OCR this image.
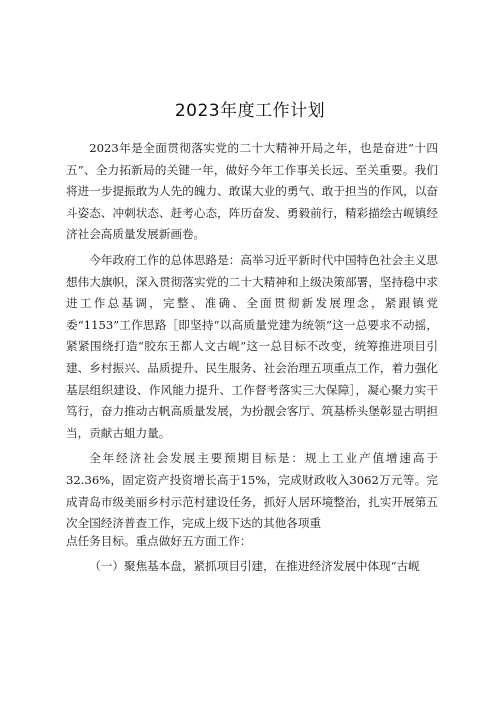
2023年度工作计划

2023年是全面贯彻落实党的二十大精神开局之年，也是奋进“十四五”、全力拓新局的关键一年，做好今年工作事关长远、至关重要。我们将进一步提振敢为人先的魄力、敢谋大业的勇气、敢于担当的作风，以奋斗姿态、冲刺状态、赶考心态，阵历奋发、勇毅前行，精彩描绘古岘镇经济社会高质量发展新画卷。

今年政府工作的总体思路是：高举习近平新时代中国特色社会主义思想伟大旗帜，深入贯彻落实党的二十大精神和上级决策部署，坚持稳中求进工作总基调，完整、准确、全面贯彻新发展理念，紧跟镇党委“1153”工作思路［即坚持“以高质量党建为统领”这一总要求不动摇，紧紧围绕打造“胶东王都人文古岘”这一总目标不改变，统筹推进项目引建、乡村振兴、品质提升、民生服务、社会治理五项重点工作，着力强化基层组织建设、作风能力提升、工作督考落实三大保障］，凝心聚力实干笃行，奋力推动古帆高质量发展，为扮靓会客厅、筑基桥头堡彰显古明担当，贡献古蛆力量。

全年经济社会发展主要预期目标是：规上工业产值增速高于32.36%，固定资产投资增长高于15%，完成财政收入3062万元等。完成青岛市级美丽乡村示范村建设任务，抓好人居环境整治，扎实开展第五次全国经济普查工作，完成上级下达的其他各项重

点任务目标。重点做好五方面工作：

（一）聚焦基本盘，紧抓项目引建，在推进经济发展中体现“古岘
